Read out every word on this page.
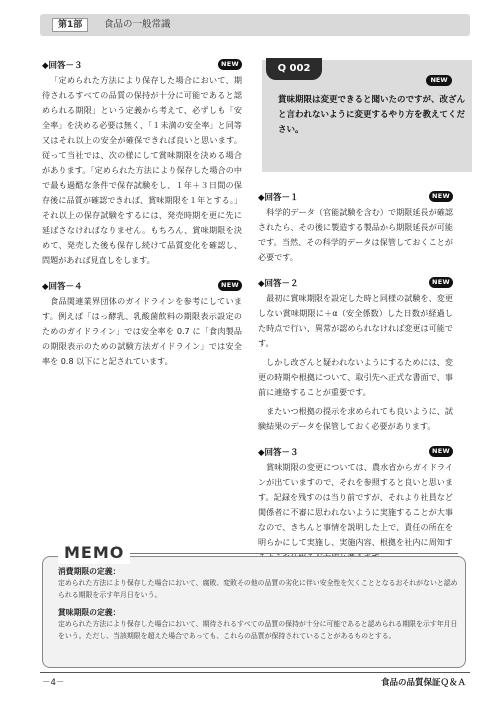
第1部	食品の一般常識
◆回答－３	NEW

「定められた方法により保存した場合において、期待されるすべての品質の保持が十分に可能であると認められる期限」という定義から考えて、必ずしも「安全率」を決める必要は無く、「１未満の安全率」と同等又はそれ以上の安全が確保できれば良いと思います。従って当社では、次の様にして賞味期限を決める場合があります。「定められた方法により保存した場合の中で最も過酷な条件で保存試験をし、１年＋３日間の保存後に品質が確認できれば、賞味期限を１年とする。」それ以上の保存試験をするには、発売時期を更に先に延ばさなければなりません。もちろん、賞味期限を決めて、発売した後も保存し続けて品質変化を確認し、問題があれば見直しをします。

◆回答－４	NEW

食品関連業界団体のガイドラインを参考にしています。例えば「はっ酵乳、乳酸菌飲料の期限表示設定のためのガイドライン」では安全率を 0.7 に「食肉製品の期限表示のための試験方法ガイドライン」では安全率を 0.8 以下にと記されています。

Q 002
NEW
賞味期限は変更できると聞いたのですが、改ざんと言われないように変更するやり方を教えてください。
◆回答－１	NEW

科学的データ（官能試験を含む）で期限延長が確認されたら、その後に製造する製品から期限延長が可能です。当然、その科学的データは保管しておくことが必要です。

◆回答－２	NEW

最初に賞味期限を設定した時と同様の試験を、変更しない賞味期限に＋α（安全係数）した日数が経過した時点で行い、異常が認められなければ変更は可能です。

しかし改ざんと疑われないようにするためには、変更の時期や根拠について、取引先へ正式な書面で、事前に連絡することが重要です。

またいつ根拠の提示を求められても良いように、試験結果のデータを保管しておく必要があります。

◆回答－３	NEW

賞味期限の変更については、農水省からガイドラインが出ていますので、それを参照すると良いと思います。記録を残すのは当り前ですが、それより社員など関係者に不審に思われないように実施することが大事なので、きちんと事情を説明した上で、責任の所在を明らかにして実施し、実施内容、根拠を社内に周知す

MEMO
消費期限の定義：
定められた方法により保存した場合において、腐敗、変敗その他の品質の劣化に伴い安全性を欠くこととなるおそれがないと認められる期限を示す年月日をいう。
賞味期限の定義：
定められた方法により保存した場合において、期待されるすべての品質の保持が十分に可能であると認められる期限を示す年月日をいう。ただし、当該期限を超えた場合であっても、これらの品質が保持されていることがあるものとする。
－4－	食品の品質保証Ｑ＆Ａ
